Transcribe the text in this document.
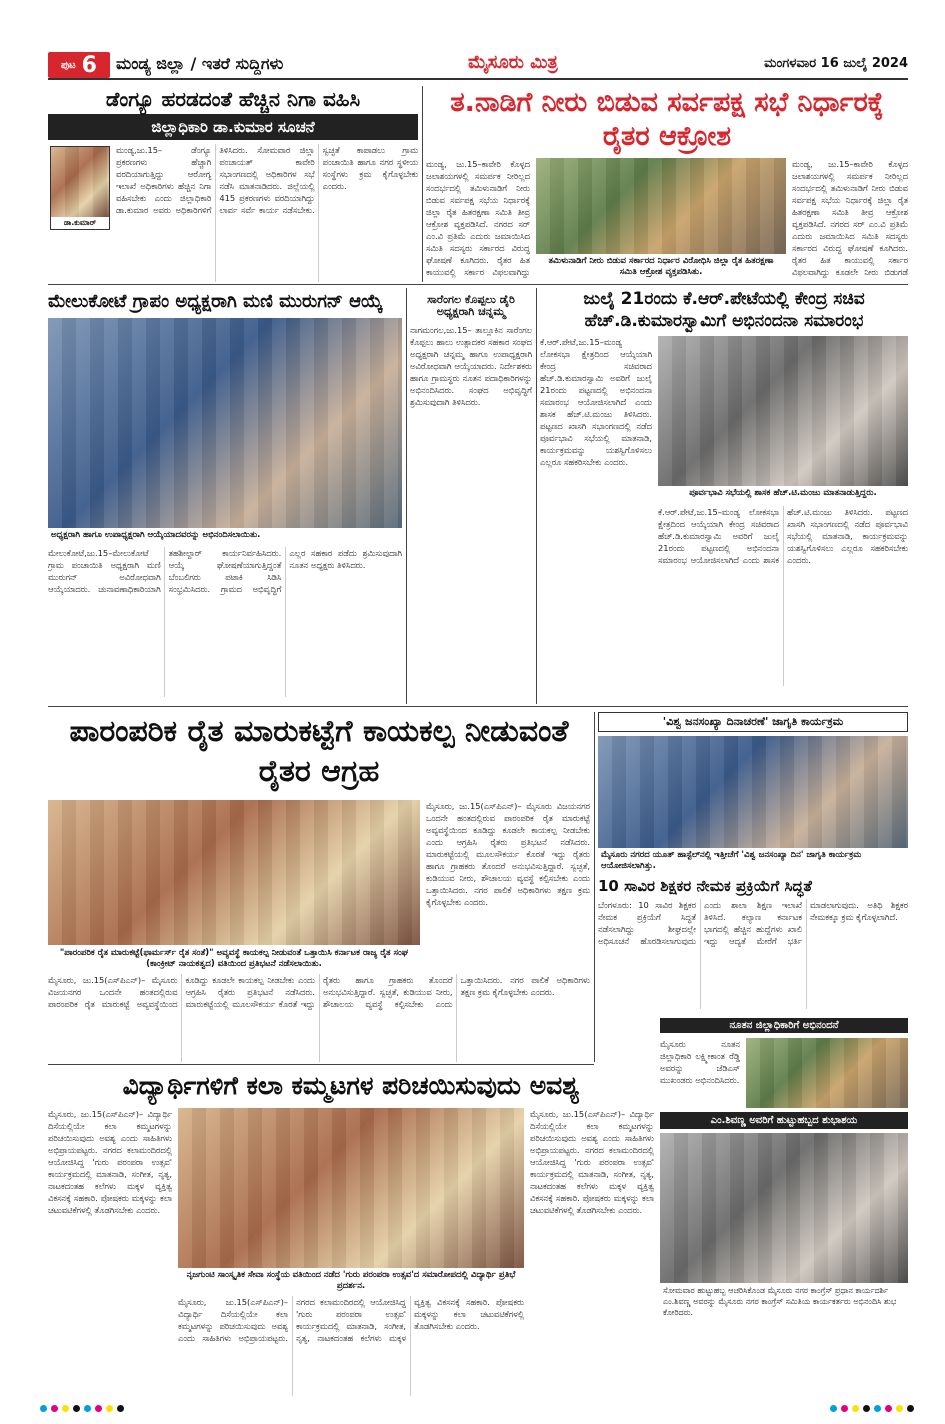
ಪುಟ 6 ಮಂಡ್ಯ ಜಿಲ್ಲಾ / ಇತರೆ ಸುದ್ದಿಗಳು	ಮೈಸೂರು ಮಿತ್ರ	ಮಂಗಳವಾರ 16 ಜುಲೈ 2024
ಡೆಂಗ್ಯೂ ಹರಡದಂತೆ ಹೆಚ್ಚಿನ ನಿಗಾ ವಹಿಸಿ
ಜಿಲ್ಲಾಧಿಕಾರಿ ಡಾ.ಕುಮಾರ ಸೂಚನೆ
ಡಾ.ಕುಮಾರ್
ಮಂಡ್ಯ,ಜು.15– ಡೆಂಗ್ಯೂ ಪ್ರಕರಣಗಳು ಹೆಚ್ಚಾಗಿ ವರದಿಯಾಗುತ್ತಿದ್ದು ಆರೋಗ್ಯ ಇಲಾಖೆ ಅಧಿಕಾರಿಗಳು ಹೆಚ್ಚಿನ ನಿಗಾ ವಹಿಸಬೇಕು ಎಂದು ಜಿಲ್ಲಾಧಿಕಾರಿ ಡಾ.ಕುಮಾರ ಅವರು ಅಧಿಕಾರಿಗಳಿಗೆ ತಿಳಿಸಿದರು. ಸೋಮವಾರ ಜಿಲ್ಲಾ ಪಂಚಾಯತ್ ಕಾವೇರಿ ಸಭಾಂಗಣದಲ್ಲಿ ಅಧಿಕಾರಿಗಳ ಸಭೆ ನಡೆಸಿ ಮಾತನಾಡಿದರು. ಜಿಲ್ಲೆಯಲ್ಲಿ 415 ಪ್ರಕರಣಗಳು ವರದಿಯಾಗಿದ್ದು ಲಾರ್ವ ಸರ್ವೆ ಕಾರ್ಯ ನಡೆಸಬೇಕು. ಸ್ವಚ್ಛತೆ ಕಾಪಾಡಲು ಗ್ರಾಮ ಪಂಚಾಯಿತಿ ಹಾಗೂ ನಗರ ಸ್ಥಳೀಯ ಸಂಸ್ಥೆಗಳು ಕ್ರಮ ಕೈಗೊಳ್ಳಬೇಕು ಎಂದರು.
ತ.ನಾಡಿಗೆ ನೀರು ಬಿಡುವ ಸರ್ವಪಕ್ಷ ಸಭೆ ನಿರ್ಧಾರಕ್ಕೆ ರೈತರ ಆಕ್ರೋಶ
ಮಂಡ್ಯ, ಜು.15–ಕಾವೇರಿ ಕೊಳ್ಳದ ಜಲಾಶಯಗಳಲ್ಲಿ ಸಮರ್ಪಕ ನೀರಿಲ್ಲದ ಸಂದರ್ಭದಲ್ಲಿ ತಮಿಳುನಾಡಿಗೆ ನೀರು ಬಿಡುವ ಸರ್ವಪಕ್ಷ ಸಭೆಯ ನಿರ್ಧಾರಕ್ಕೆ ಜಿಲ್ಲಾ ರೈತ ಹಿತರಕ್ಷಣಾ ಸಮಿತಿ ತೀವ್ರ ಆಕ್ರೋಶ ವ್ಯಕ್ತಪಡಿಸಿದೆ. ನಗರದ ಸರ್ ಎಂ.ವಿ ಪ್ರತಿಮೆ ಎದುರು ಜಮಾಯಿಸಿದ ಸಮಿತಿ ಸದಸ್ಯರು ಸರ್ಕಾರದ ವಿರುದ್ಧ ಘೋಷಣೆ ಕೂಗಿದರು. ರೈತರ ಹಿತ ಕಾಯುವಲ್ಲಿ ಸರ್ಕಾರ ವಿಫಲವಾಗಿದ್ದು
ತಮಿಳುನಾಡಿಗೆ ನೀರು ಬಿಡುವ ಸರ್ಕಾರದ ನಿರ್ಧಾರ ವಿರೋಧಿಸಿ ಜಿಲ್ಲಾ ರೈತ ಹಿತರಕ್ಷಣಾ ಸಮಿತಿ ಆಕ್ರೋಶ ವ್ಯಕ್ತಪಡಿಸಿತು.
ಮಂಡ್ಯ, ಜು.15–ಕಾವೇರಿ ಕೊಳ್ಳದ ಜಲಾಶಯಗಳಲ್ಲಿ ಸಮರ್ಪಕ ನೀರಿಲ್ಲದ ಸಂದರ್ಭದಲ್ಲಿ ತಮಿಳುನಾಡಿಗೆ ನೀರು ಬಿಡುವ ಸರ್ವಪಕ್ಷ ಸಭೆಯ ನಿರ್ಧಾರಕ್ಕೆ ಜಿಲ್ಲಾ ರೈತ ಹಿತರಕ್ಷಣಾ ಸಮಿತಿ ತೀವ್ರ ಆಕ್ರೋಶ ವ್ಯಕ್ತಪಡಿಸಿದೆ. ನಗರದ ಸರ್ ಎಂ.ವಿ ಪ್ರತಿಮೆ ಎದುರು ಜಮಾಯಿಸಿದ ಸಮಿತಿ ಸದಸ್ಯರು ಸರ್ಕಾರದ ವಿರುದ್ಧ ಘೋಷಣೆ ಕೂಗಿದರು. ರೈತರ ಹಿತ ಕಾಯುವಲ್ಲಿ ಸರ್ಕಾರ ವಿಫಲವಾಗಿದ್ದು ಕೂಡಲೇ ನೀರು ಬಿಡುಗಡೆ
ಮೇಲುಕೋಟೆ ಗ್ರಾಪಂ ಅಧ್ಯಕ್ಷರಾಗಿ ಮಣಿ ಮುರುಗನ್ ಆಯ್ಕೆ
ಅಧ್ಯಕ್ಷರಾಗಿ ಹಾಗೂ ಉಪಾಧ್ಯಕ್ಷರಾಗಿ ಆಯ್ಕೆಯಾದವರನ್ನು ಅಭಿನಂದಿಸಲಾಯಿತು.
ಮೇಲುಕೋಟೆ,ಜು.15–ಮೇಲುಕೋಟೆ ಗ್ರಾಮ ಪಂಚಾಯಿತಿ ಅಧ್ಯಕ್ಷರಾಗಿ ಮಣಿ ಮುರುಗನ್ ಅವಿರೋಧವಾಗಿ ಆಯ್ಕೆಯಾದರು. ಚುನಾವಣಾಧಿಕಾರಿಯಾಗಿ ತಹಶೀಲ್ದಾರ್ ಕಾರ್ಯನಿರ್ವಹಿಸಿದರು. ಆಯ್ಕೆ ಘೋಷಣೆಯಾಗುತ್ತಿದ್ದಂತೆ ಬೆಂಬಲಿಗರು ಪಟಾಕಿ ಸಿಡಿಸಿ ಸಂಭ್ರಮಿಸಿದರು. ಗ್ರಾಮದ ಅಭಿವೃದ್ಧಿಗೆ ಎಲ್ಲರ ಸಹಕಾರ ಪಡೆದು ಶ್ರಮಿಸುವುದಾಗಿ ನೂತನ ಅಧ್ಯಕ್ಷರು ತಿಳಿಸಿದರು.
ಸಾರೆಂಗಲ ಕೊಪ್ಪಲು ಡೈರಿ ಅಧ್ಯಕ್ಷರಾಗಿ ಚನ್ನಮ್ಮ
ನಾಗಮಂಗಲ,ಜು.15– ತಾಲ್ಲೂಕಿನ ಸಾರೆಂಗಲ ಕೊಪ್ಪಲು ಹಾಲು ಉತ್ಪಾದಕರ ಸಹಕಾರ ಸಂಘದ ಅಧ್ಯಕ್ಷರಾಗಿ ಚನ್ನಮ್ಮ ಹಾಗೂ ಉಪಾಧ್ಯಕ್ಷರಾಗಿ ಅವಿರೋಧವಾಗಿ ಆಯ್ಕೆಯಾದರು. ನಿರ್ದೇಶಕರು ಹಾಗೂ ಗ್ರಾಮಸ್ಥರು ನೂತನ ಪದಾಧಿಕಾರಿಗಳನ್ನು ಅಭಿನಂದಿಸಿದರು. ಸಂಘದ ಅಭಿವೃದ್ಧಿಗೆ ಶ್ರಮಿಸುವುದಾಗಿ ತಿಳಿಸಿದರು.
ಜುಲೈ 21ರಂದು ಕೆ.ಆರ್.ಪೇಟೆಯಲ್ಲಿ ಕೇಂದ್ರ ಸಚಿವ ಹೆಚ್.ಡಿ.ಕುಮಾರಸ್ವಾಮಿಗೆ ಅಭಿನಂದನಾ ಸಮಾರಂಭ
ಕೆ.ಆರ್.ಪೇಟೆ,ಜು.15–ಮಂಡ್ಯ ಲೋಕಸಭಾ ಕ್ಷೇತ್ರದಿಂದ ಆಯ್ಕೆಯಾಗಿ ಕೇಂದ್ರ ಸಚಿವರಾದ ಹೆಚ್.ಡಿ.ಕುಮಾರಸ್ವಾಮಿ ಅವರಿಗೆ ಜುಲೈ 21ರಂದು ಪಟ್ಟಣದಲ್ಲಿ ಅಭಿನಂದನಾ ಸಮಾರಂಭ ಆಯೋಜಿಸಲಾಗಿದೆ ಎಂದು ಶಾಸಕ ಹೆಚ್.ಟಿ.ಮಂಜು ತಿಳಿಸಿದರು. ಪಟ್ಟಣದ ಖಾಸಗಿ ಸಭಾಂಗಣದಲ್ಲಿ ನಡೆದ ಪೂರ್ವಭಾವಿ ಸಭೆಯಲ್ಲಿ ಮಾತನಾಡಿ, ಕಾರ್ಯಕ್ರಮವನ್ನು ಯಶಸ್ವಿಗೊಳಿಸಲು ಎಲ್ಲರೂ ಸಹಕರಿಸಬೇಕು ಎಂದರು.
ಪೂರ್ವಭಾವಿ ಸಭೆಯಲ್ಲಿ ಶಾಸಕ ಹೆಚ್.ಟಿ.ಮಂಜು ಮಾತನಾಡುತ್ತಿದ್ದರು.
ಕೆ.ಆರ್.ಪೇಟೆ,ಜು.15–ಮಂಡ್ಯ ಲೋಕಸಭಾ ಕ್ಷೇತ್ರದಿಂದ ಆಯ್ಕೆಯಾಗಿ ಕೇಂದ್ರ ಸಚಿವರಾದ ಹೆಚ್.ಡಿ.ಕುಮಾರಸ್ವಾಮಿ ಅವರಿಗೆ ಜುಲೈ 21ರಂದು ಪಟ್ಟಣದಲ್ಲಿ ಅಭಿನಂದನಾ ಸಮಾರಂಭ ಆಯೋಜಿಸಲಾಗಿದೆ ಎಂದು ಶಾಸಕ ಹೆಚ್.ಟಿ.ಮಂಜು ತಿಳಿಸಿದರು. ಪಟ್ಟಣದ ಖಾಸಗಿ ಸಭಾಂಗಣದಲ್ಲಿ ನಡೆದ ಪೂರ್ವಭಾವಿ ಸಭೆಯಲ್ಲಿ ಮಾತನಾಡಿ, ಕಾರ್ಯಕ್ರಮವನ್ನು ಯಶಸ್ವಿಗೊಳಿಸಲು ಎಲ್ಲರೂ ಸಹಕರಿಸಬೇಕು ಎಂದರು.
ಪಾರಂಪರಿಕ ರೈತ ಮಾರುಕಟ್ಟೆಗೆ ಕಾಯಕಲ್ಪ ನೀಡುವಂತೆ ರೈತರ ಆಗ್ರಹ
"ಪಾರಂಪರಿಕ ರೈತ ಮಾರುಕಟ್ಟೆ(ಫಾರ್ಮರ್ಸ್ ರೈತ ಸಂತೆ)" ಅವ್ಯವಸ್ಥೆ ಕಾಯಕಲ್ಪ ನೀಡುವಂತೆ ಒತ್ತಾಯಿಸಿ ಕರ್ನಾಟಕ ರಾಜ್ಯ ರೈತ ಸಂಘ (ಕಾಂಕ್ರೀಟ್ ನಾಯಕತ್ವದ) ವತಿಯಿಂದ ಪ್ರತಿಭಟನೆ ನಡೆಸಲಾಯಿತು.
ಮೈಸೂರು, ಜು.15(ಎಸ್‌ಪಿಎನ್)– ಮೈಸೂರು ವಿಜಯನಗರ ಒಂದನೇ ಹಂತದಲ್ಲಿರುವ ಪಾರಂಪರಿಕ ರೈತ ಮಾರುಕಟ್ಟೆ ಅವ್ಯವಸ್ಥೆಯಿಂದ ಕೂಡಿದ್ದು ಕೂಡಲೇ ಕಾಯಕಲ್ಪ ನೀಡಬೇಕು ಎಂದು ಆಗ್ರಹಿಸಿ ರೈತರು ಪ್ರತಿಭಟನೆ ನಡೆಸಿದರು. ಮಾರುಕಟ್ಟೆಯಲ್ಲಿ ಮೂಲಸೌಕರ್ಯ ಕೊರತೆ ಇದ್ದು ರೈತರು ಹಾಗೂ ಗ್ರಾಹಕರು ತೊಂದರೆ ಅನುಭವಿಸುತ್ತಿದ್ದಾರೆ. ಸ್ವಚ್ಛತೆ, ಕುಡಿಯುವ ನೀರು, ಶೌಚಾಲಯ ವ್ಯವಸ್ಥೆ ಕಲ್ಪಿಸಬೇಕು ಎಂದು ಒತ್ತಾಯಿಸಿದರು. ನಗರ ಪಾಲಿಕೆ ಅಧಿಕಾರಿಗಳು ತಕ್ಷಣ ಕ್ರಮ ಕೈಗೊಳ್ಳಬೇಕು ಎಂದರು.
ಮೈಸೂರು, ಜು.15(ಎಸ್‌ಪಿಎನ್)– ಮೈಸೂರು ವಿಜಯನಗರ ಒಂದನೇ ಹಂತದಲ್ಲಿರುವ ಪಾರಂಪರಿಕ ರೈತ ಮಾರುಕಟ್ಟೆ ಅವ್ಯವಸ್ಥೆಯಿಂದ ಕೂಡಿದ್ದು ಕೂಡಲೇ ಕಾಯಕಲ್ಪ ನೀಡಬೇಕು ಎಂದು ಆಗ್ರಹಿಸಿ ರೈತರು ಪ್ರತಿಭಟನೆ ನಡೆಸಿದರು. ಮಾರುಕಟ್ಟೆಯಲ್ಲಿ ಮೂಲಸೌಕರ್ಯ ಕೊರತೆ ಇದ್ದು ರೈತರು ಹಾಗೂ ಗ್ರಾಹಕರು ತೊಂದರೆ ಅನುಭವಿಸುತ್ತಿದ್ದಾರೆ. ಸ್ವಚ್ಛತೆ, ಕುಡಿಯುವ ನೀರು, ಶೌಚಾಲಯ ವ್ಯವಸ್ಥೆ ಕಲ್ಪಿಸಬೇಕು ಎಂದು ಒತ್ತಾಯಿಸಿದರು. ನಗರ ಪಾಲಿಕೆ ಅಧಿಕಾರಿಗಳು ತಕ್ಷಣ ಕ್ರಮ ಕೈಗೊಳ್ಳಬೇಕು ಎಂದರು.
'ವಿಶ್ವ ಜನಸಂಖ್ಯಾ ದಿನಾಚರಣೆ' ಜಾಗೃತಿ ಕಾರ್ಯಕ್ರಮ
ಮೈಸೂರು ನಗರದ ಯೂತ್ ಹಾಸ್ಟೆಲ್‌ನಲ್ಲಿ ಇತ್ತೀಚೆಗೆ 'ವಿಶ್ವ ಜನಸಂಖ್ಯಾ ದಿನ' ಜಾಗೃತಿ ಕಾರ್ಯಕ್ರಮ ಆಯೋಜಿಸಲಾಗಿತ್ತು.
10 ಸಾವಿರ ಶಿಕ್ಷಕರ ನೇಮಕ ಪ್ರಕ್ರಿಯೆಗೆ ಸಿದ್ಧತೆ
ಬೆಂಗಳೂರು: 10 ಸಾವಿರ ಶಿಕ್ಷಕರ ನೇಮಕ ಪ್ರಕ್ರಿಯೆಗೆ ಸಿದ್ಧತೆ ನಡೆಸಲಾಗಿದ್ದು ಶೀಘ್ರದಲ್ಲೇ ಅಧಿಸೂಚನೆ ಹೊರಡಿಸಲಾಗುವುದು ಎಂದು ಶಾಲಾ ಶಿಕ್ಷಣ ಇಲಾಖೆ ತಿಳಿಸಿದೆ. ಕಲ್ಯಾಣ ಕರ್ನಾಟಕ ಭಾಗದಲ್ಲಿ ಹೆಚ್ಚಿನ ಹುದ್ದೆಗಳು ಖಾಲಿ ಇದ್ದು ಆದ್ಯತೆ ಮೇರೆಗೆ ಭರ್ತಿ ಮಾಡಲಾಗುವುದು. ಅತಿಥಿ ಶಿಕ್ಷಕರ ನೇಮಕಕ್ಕೂ ಕ್ರಮ ಕೈಗೊಳ್ಳಲಾಗಿದೆ.
ನೂತನ ಜಿಲ್ಲಾಧಿಕಾರಿಗೆ ಅಭಿನಂದನೆ
ಮೈಸೂರು ನೂತನ ಜಿಲ್ಲಾಧಿಕಾರಿ ಲಕ್ಷ್ಮೀಕಾಂತ ರೆಡ್ಡಿ ಅವರನ್ನು ಜೆಡಿಎಸ್ ಮುಖಂಡರು ಅಭಿನಂದಿಸಿದರು.
ವಿದ್ಯಾರ್ಥಿಗಳಿಗೆ ಕಲಾ ಕಮ್ಮಟಗಳ ಪರಿಚಯಿಸುವುದು ಅವಶ್ಯ
ಮೈಸೂರು, ಜು.15(ಎಸ್‌ಪಿಎನ್)– ವಿದ್ಯಾರ್ಥಿ ದಿಸೆಯಲ್ಲಿಯೇ ಕಲಾ ಕಮ್ಮಟಗಳನ್ನು ಪರಿಚಯಿಸುವುದು ಅವಶ್ಯ ಎಂದು ಸಾಹಿತಿಗಳು ಅಭಿಪ್ರಾಯಪಟ್ಟರು. ನಗರದ ಕಲಾಮಂದಿರದಲ್ಲಿ ಆಯೋಜಿಸಿದ್ದ 'ಗುರು ಪರಂಪರಾ ಉತ್ಸವ' ಕಾರ್ಯಕ್ರಮದಲ್ಲಿ ಮಾತನಾಡಿ, ಸಂಗೀತ, ನೃತ್ಯ, ನಾಟಕದಂತಹ ಕಲೆಗಳು ಮಕ್ಕಳ ವ್ಯಕ್ತಿತ್ವ ವಿಕಸನಕ್ಕೆ ಸಹಕಾರಿ. ಪೋಷಕರು ಮಕ್ಕಳನ್ನು ಕಲಾ ಚಟುವಟಿಕೆಗಳಲ್ಲಿ ತೊಡಗಿಸಬೇಕು ಎಂದರು.
ನೃಜಗುಂಟಿ ಸಾಂಸ್ಕೃತಿಕ ಸೇವಾ ಸಂಸ್ಥೆಯ ವತಿಯಿಂದ ನಡೆದ 'ಗುರು ಪರಂಪರಾ ಉತ್ಸವ'ದ ಸಮಾರೋಪದಲ್ಲಿ ವಿದ್ಯಾರ್ಥಿ ಪ್ರತಿಭೆ ಪ್ರದರ್ಶನ.
ಮೈಸೂರು, ಜು.15(ಎಸ್‌ಪಿಎನ್)– ವಿದ್ಯಾರ್ಥಿ ದಿಸೆಯಲ್ಲಿಯೇ ಕಲಾ ಕಮ್ಮಟಗಳನ್ನು ಪರಿಚಯಿಸುವುದು ಅವಶ್ಯ ಎಂದು ಸಾಹಿತಿಗಳು ಅಭಿಪ್ರಾಯಪಟ್ಟರು. ನಗರದ ಕಲಾಮಂದಿರದಲ್ಲಿ ಆಯೋಜಿಸಿದ್ದ 'ಗುರು ಪರಂಪರಾ ಉತ್ಸವ' ಕಾರ್ಯಕ್ರಮದಲ್ಲಿ ಮಾತನಾಡಿ, ಸಂಗೀತ, ನೃತ್ಯ, ನಾಟಕದಂತಹ ಕಲೆಗಳು ಮಕ್ಕಳ ವ್ಯಕ್ತಿತ್ವ ವಿಕಸನಕ್ಕೆ ಸಹಕಾರಿ. ಪೋಷಕರು ಮಕ್ಕಳನ್ನು ಕಲಾ ಚಟುವಟಿಕೆಗಳಲ್ಲಿ ತೊಡಗಿಸಬೇಕು ಎಂದರು.
ಮೈಸೂರು, ಜು.15(ಎಸ್‌ಪಿಎನ್)– ವಿದ್ಯಾರ್ಥಿ ದಿಸೆಯಲ್ಲಿಯೇ ಕಲಾ ಕಮ್ಮಟಗಳನ್ನು ಪರಿಚಯಿಸುವುದು ಅವಶ್ಯ ಎಂದು ಸಾಹಿತಿಗಳು ಅಭಿಪ್ರಾಯಪಟ್ಟರು. ನಗರದ ಕಲಾಮಂದಿರದಲ್ಲಿ ಆಯೋಜಿಸಿದ್ದ 'ಗುರು ಪರಂಪರಾ ಉತ್ಸವ' ಕಾರ್ಯಕ್ರಮದಲ್ಲಿ ಮಾತನಾಡಿ, ಸಂಗೀತ, ನೃತ್ಯ, ನಾಟಕದಂತಹ ಕಲೆಗಳು ಮಕ್ಕಳ ವ್ಯಕ್ತಿತ್ವ ವಿಕಸನಕ್ಕೆ ಸಹಕಾರಿ. ಪೋಷಕರು ಮಕ್ಕಳನ್ನು ಕಲಾ ಚಟುವಟಿಕೆಗಳಲ್ಲಿ ತೊಡಗಿಸಬೇಕು ಎಂದರು.
ಎಂ.ಶಿವಣ್ಣ ಅವರಿಗೆ ಹುಟ್ಟುಹಬ್ಬದ ಶುಭಾಶಯ
ಸೋಮವಾರ ಹುಟ್ಟುಹಬ್ಬ ಆಚರಿಸಿಕೊಂಡ ಮೈಸೂರು ನಗರ ಕಾಂಗ್ರೆಸ್ ಪ್ರಧಾನ ಕಾರ್ಯದರ್ಶಿ ಎಂ.ಶಿವಣ್ಣ ಅವರನ್ನು ಮೈಸೂರು ನಗರ ಕಾಂಗ್ರೆಸ್ ಸಮಿತಿಯ ಕಾರ್ಯಕರ್ತರು ಅಭಿನಂದಿಸಿ ಶುಭ ಕೋರಿದರು.
